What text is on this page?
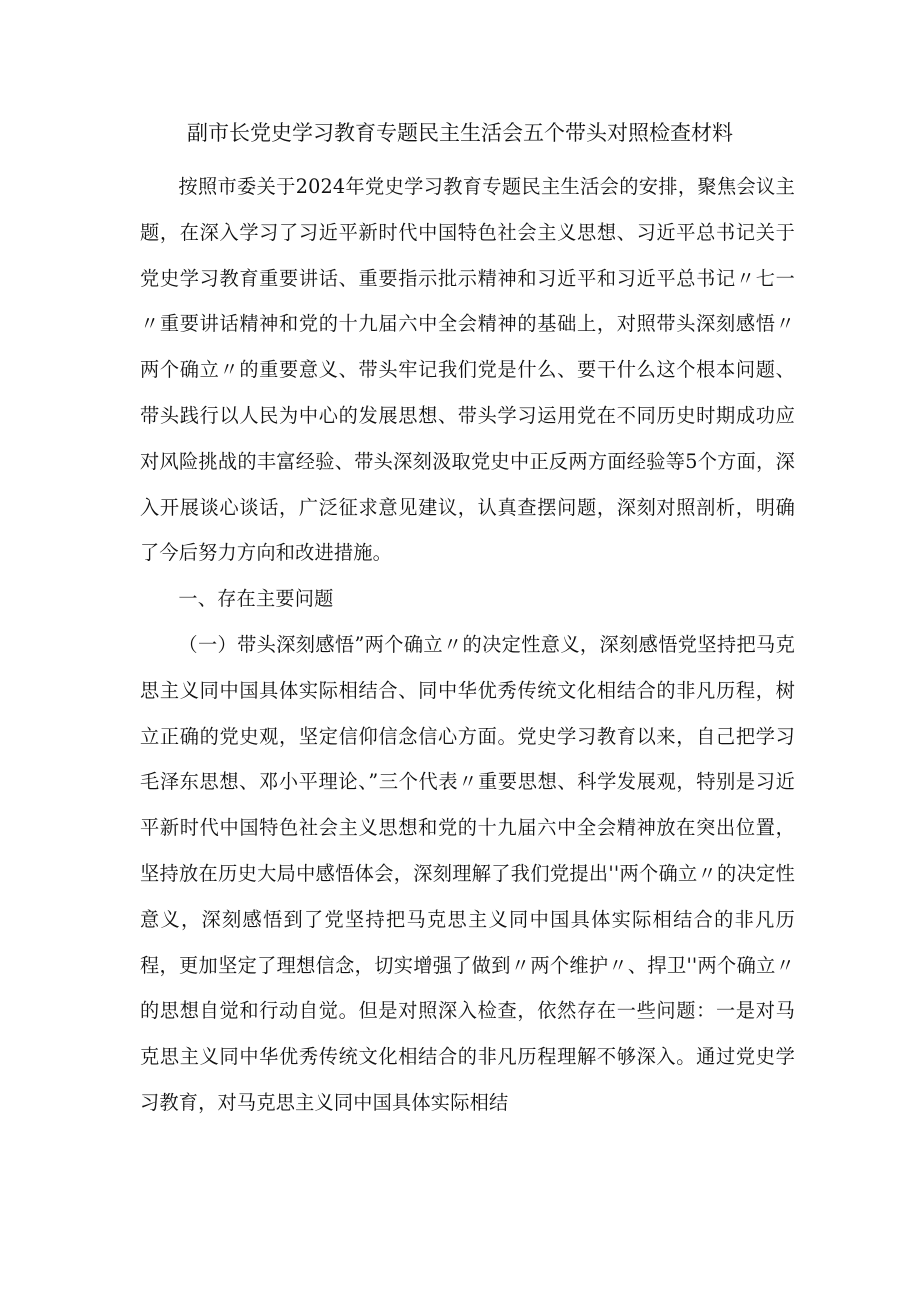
副市长党史学习教育专题民主生活会五个带头对照检查材料

按照市委关于2024年党史学习教育专题民主生活会的安排，聚焦会议主题，在深入学习了习近平新时代中国特色社会主义思想、习近平总书记关于党史学习教育重要讲话、重要指示批示精神和习近平和习近平总书记〃七一〃重要讲话精神和党的十九届六中全会精神的基础上，对照带头深刻感悟〃两个确立〃的重要意义、带头牢记我们党是什么、要干什么这个根本问题、带头践行以人民为中心的发展思想、带头学习运用党在不同历史时期成功应对风险挑战的丰富经验、带头深刻汲取党史中正反两方面经验等5个方面，深入开展谈心谈话，广泛征求意见建议，认真查摆问题，深刻对照剖析，明确了今后努力方向和改进措施。

一、存在主要问题

（一）带头深刻感悟”两个确立〃的决定性意义，深刻感悟党坚持把马克思主义同中国具体实际相结合、同中华优秀传统文化相结合的非凡历程，树立正确的党史观，坚定信仰信念信心方面。党史学习教育以来，自己把学习毛泽东思想、邓小平理论、”三个代表〃重要思想、科学发展观，特别是习近平新时代中国特色社会主义思想和党的十九届六中全会精神放在突出位置，坚持放在历史大局中感悟体会，深刻理解了我们党提出''两个确立〃的决定性意义，深刻感悟到了党坚持把马克思主义同中国具体实际相结合的非凡历程，更加坚定了理想信念，切实增强了做到〃两个维护〃、捍卫''两个确立〃的思想自觉和行动自觉。但是对照深入检查，依然存在一些问题：一是对马克思主义同中华优秀传统文化相结合的非凡历程理解不够深入。通过党史学习教育，对马克思主义同中国具体实际相结
